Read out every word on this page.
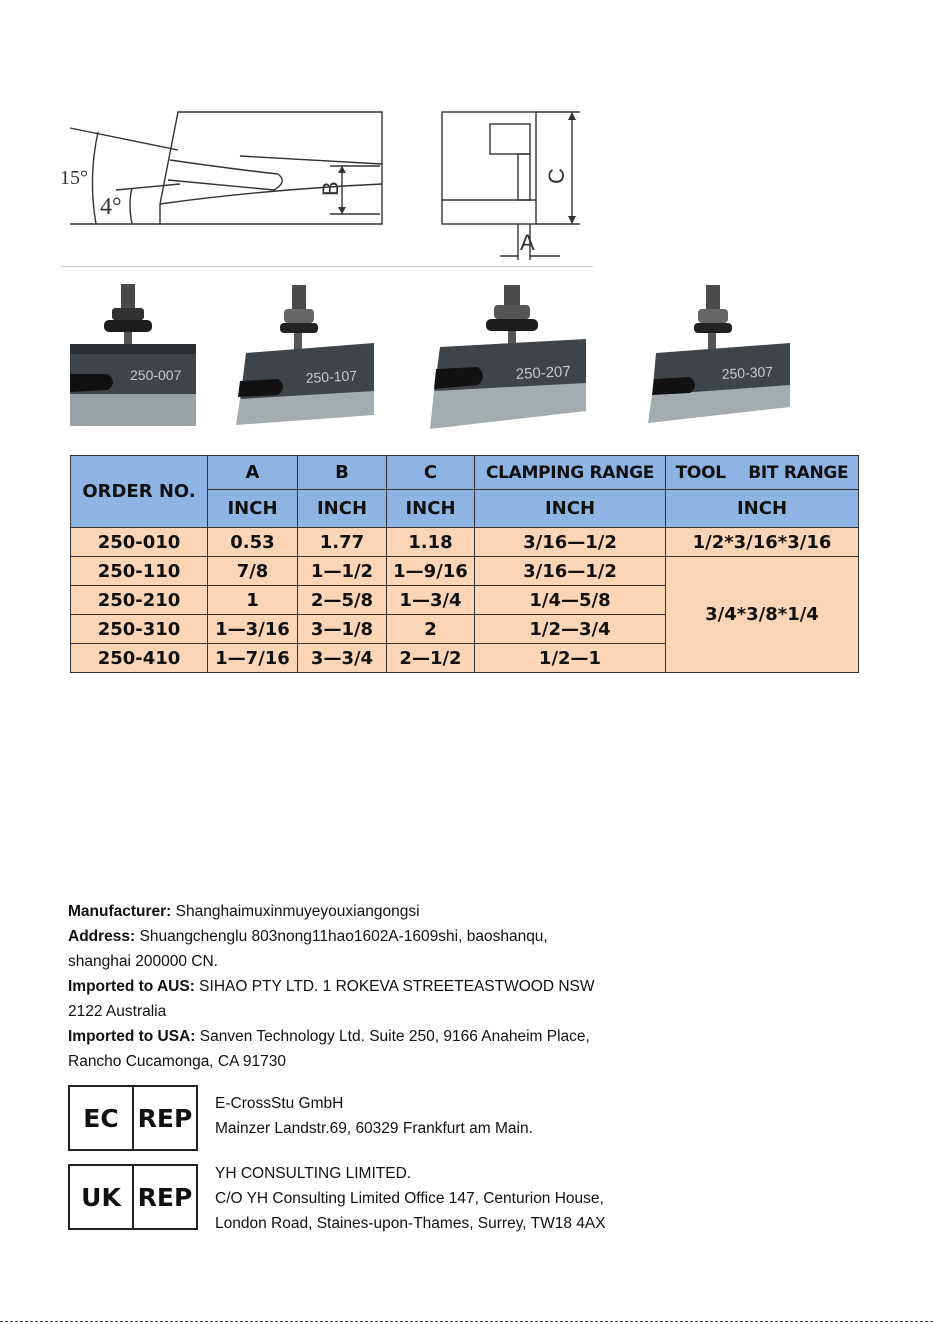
15°
4°
B
C
A
250-007	250-107	250-207	250-307
ORDER NO.	A	B	C	CLAMPING RANGE	TOOL    BIT RANGE
	INCH	INCH	INCH	INCH	INCH
250-010	0.53	1.77	1.18	3/16—1/2	1/2*3/16*3/16
250-110	7/8	1—1/2	1—9/16	3/16—1/2	3/4*3/8*1/4
250-210	1	2—5/8	1—3/4	1/4—5/8	
250-310	1—3/16	3—1/8	2	1/2—3/4	
250-410	1—7/16	3—3/4	2—1/2	1/2—1	

Manufacturer: Shanghaimuxinmuyeyouxiangongsi

Address: Shuangchenglu 803nong11hao1602A-1609shi, baoshanqu,

shanghai 200000 CN.

Imported to AUS: SIHAO PTY LTD. 1 ROKEVA STREETEASTWOOD NSW

2122 Australia

Imported to USA: Sanven Technology Ltd. Suite 250, 9166 Anaheim Place,

Rancho Cucamonga, CA 91730

EC REP E-CrossStu GmbH

Mainzer Landstr.69, 60329 Frankfurt am Main.

UK REP

YH CONSULTING LIMITED.

C/O YH Consulting Limited Office 147, Centurion House,

London Road, Staines-upon-Thames, Surrey, TW18 4AX
